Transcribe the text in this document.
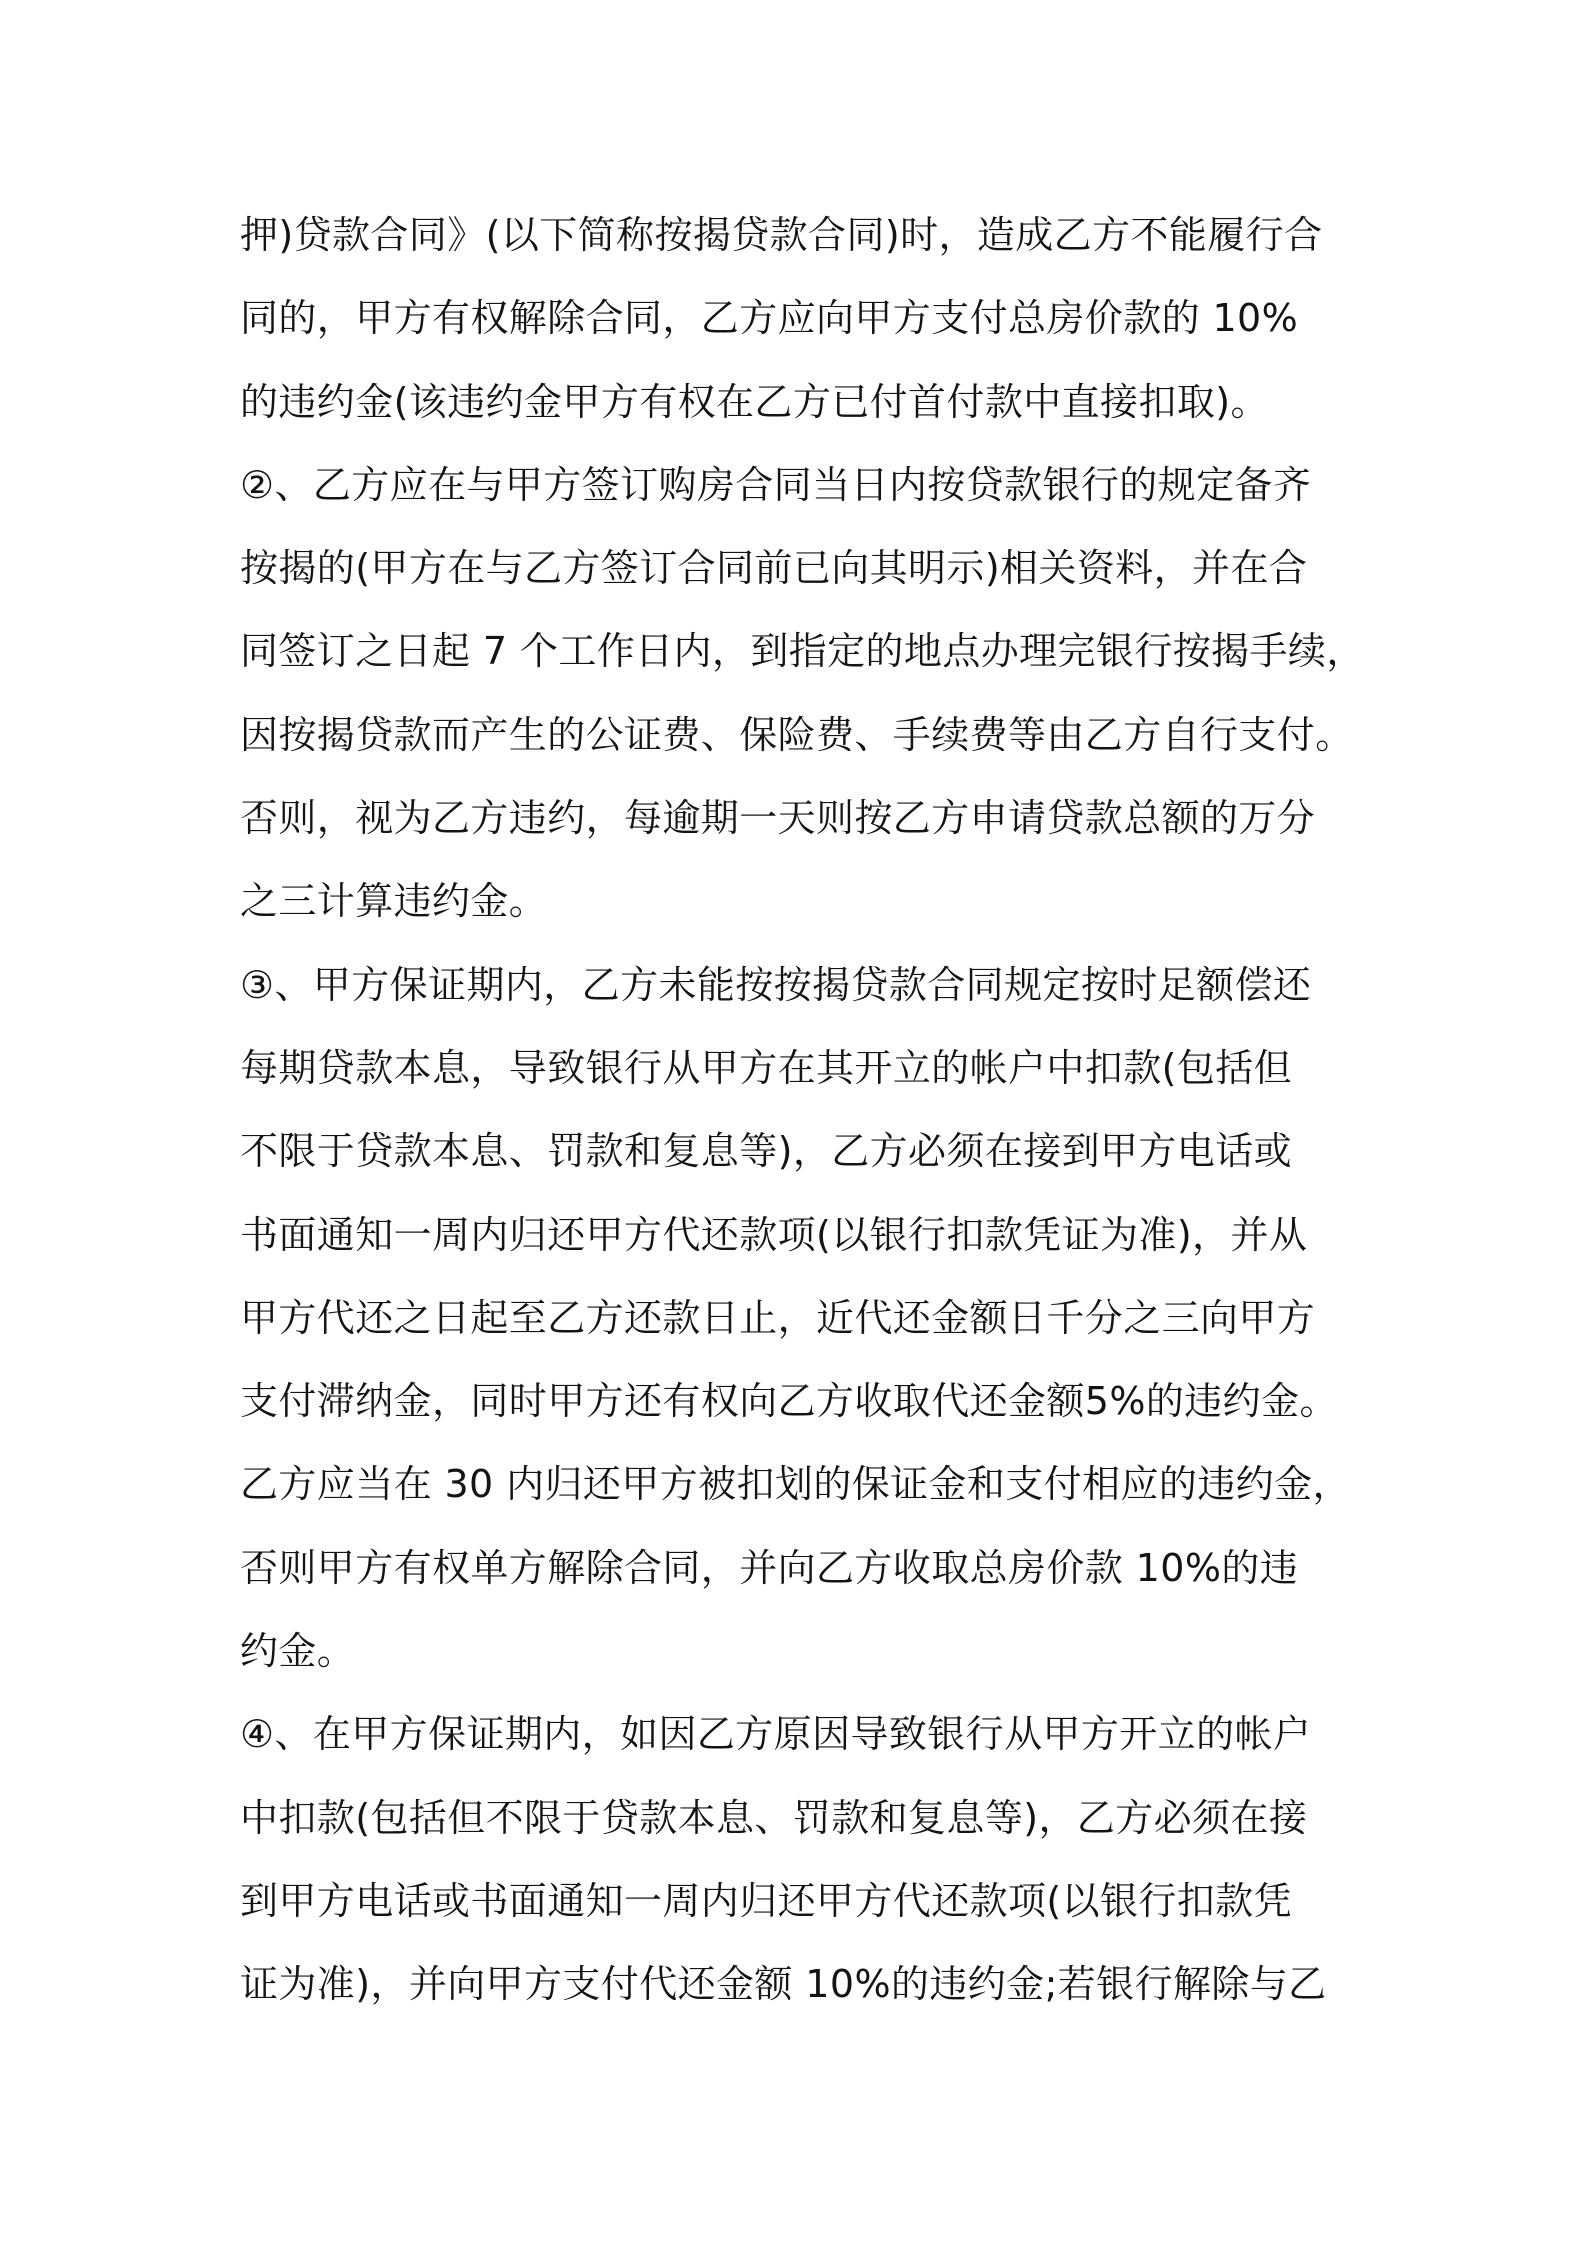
押)贷款合同》(以下简称按揭贷款合同)时，造成乙方不能履行合
同的，甲方有权解除合同，乙方应向甲方支付总房价款的 10%
的违约金(该违约金甲方有权在乙方已付首付款中直接扣取)。
②、乙方应在与甲方签订购房合同当日内按贷款银行的规定备齐
按揭的(甲方在与乙方签订合同前已向其明示)相关资料，并在合
同签订之日起 7 个工作日内，到指定的地点办理完银行按揭手续，
因按揭贷款而产生的公证费、保险费、手续费等由乙方自行支付。
否则，视为乙方违约，每逾期一天则按乙方申请贷款总额的万分
之三计算违约金。
③、甲方保证期内，乙方未能按按揭贷款合同规定按时足额偿还
每期贷款本息，导致银行从甲方在其开立的帐户中扣款(包括但
不限于贷款本息、罚款和复息等)，乙方必须在接到甲方电话或
书面通知一周内归还甲方代还款项(以银行扣款凭证为准)，并从
甲方代还之日起至乙方还款日止，近代还金额日千分之三向甲方
支付滞纳金，同时甲方还有权向乙方收取代还金额5%的违约金。
乙方应当在 30 内归还甲方被扣划的保证金和支付相应的违约金，
否则甲方有权单方解除合同，并向乙方收取总房价款 10%的违
约金。
④、在甲方保证期内，如因乙方原因导致银行从甲方开立的帐户
中扣款(包括但不限于贷款本息、罚款和复息等)，乙方必须在接
到甲方电话或书面通知一周内归还甲方代还款项(以银行扣款凭
证为准)，并向甲方支付代还金额 10%的违约金;若银行解除与乙
